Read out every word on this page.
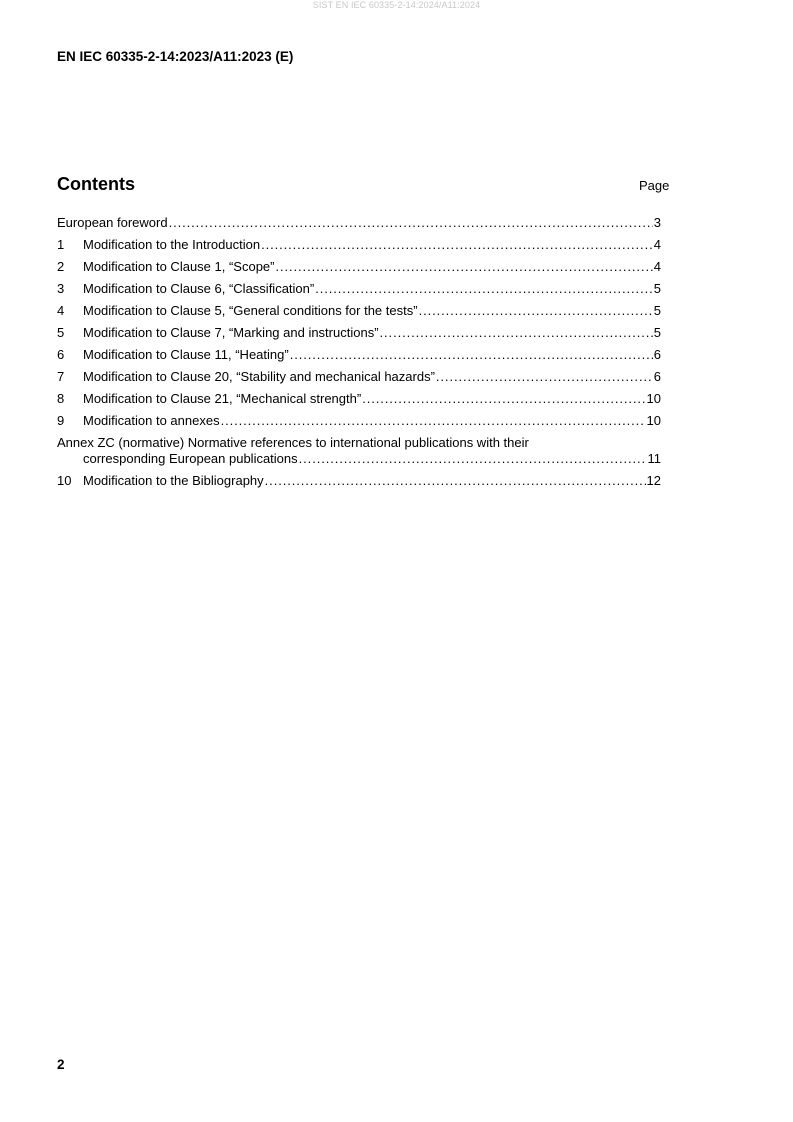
SIST EN IEC 60335-2-14:2024/A11:2024
EN IEC 60335-2-14:2023/A11:2023 (E)
Contents	Page
European foreword .....	3
1	Modification to the Introduction .....	4
2	Modification to Clause 1, “Scope” .....	4
3	Modification to Clause 6, “Classification” .....	5
4	Modification to Clause 5, “General conditions for the tests” .....	5
5	Modification to Clause 7, “Marking and instructions” .....	5
6	Modification to Clause 11, “Heating” .....	6
7	Modification to Clause 20, “Stability and mechanical hazards” .....	6
8	Modification to Clause 21, “Mechanical strength” .....	10
9	Modification to annexes .....	10
Annex ZC (normative) Normative references to international publications with their
corresponding European publications .....	11
10 Modification to the Bibliography .....	12
2
